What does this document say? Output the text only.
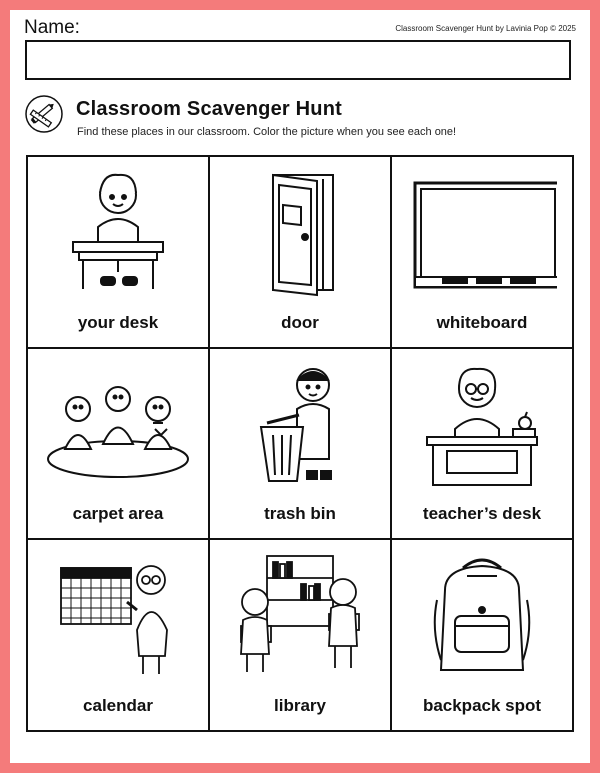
Name:	Classroom Scavenger Hunt by Lavinia Pop © 2025
Classroom Scavenger Hunt
Find these places in our classroom. Color the picture when you see each one!
your desk	door	whiteboard
carpet area	trash bin	teacher’s desk
calendar	library	backpack spot
